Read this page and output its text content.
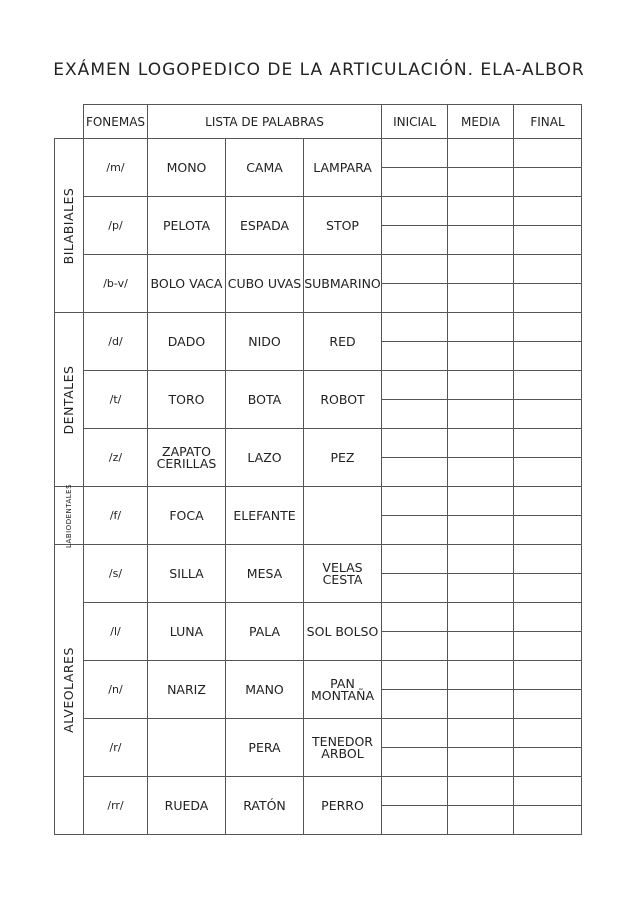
EXÁMEN LOGOPEDICO DE LA ARTICULACIÓN. ELA-ALBOR
	FONEMAS	LISTA DE PALABRAS			INICIAL	MEDIA	FINAL

BILABIALES	/m/	MONO	CAMA	LAMPARA			

	/p/	PELOTA	ESPADA	STOP			

	/b-v/	BOLO VACA	CUBO UVAS	SUBMARINO			

DENTALES	/d/	DADO	NIDO	RED			

	/t/	TORO	BOTA	ROBOT			

	/z/	ZAPATO CERILLAS	LAZO	PEZ			

LABIODENTALES	/f/	FOCA	ELEFANTE				

ALVEOLARES	/s/	SILLA	MESA	VELAS CESTA			

	/l/	LUNA	PALA	SOL BOLSO			

	/n/	NARIZ	MANO	PAN MONTAÑA			

	/r/		PERA	TENEDOR ARBOL			

	/rr/	RUEDA	RATÓN	PERRO			
